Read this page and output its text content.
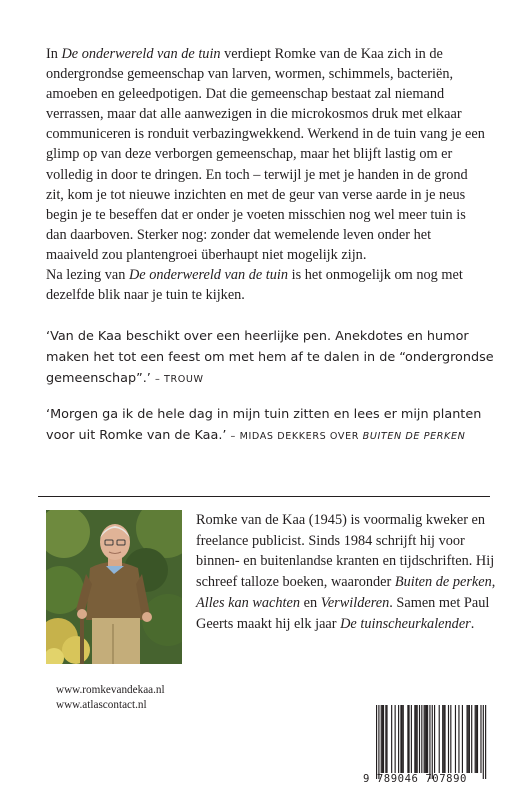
In De onderwereld van de tuin verdiept Romke van de Kaa zich in de ondergrondse gemeenschap van larven, wormen, schimmels, bacteriën, amoeben en geleedpotigen. Dat die gemeenschap bestaat zal niemand verrassen, maar dat alle aanwezigen in die microkosmos druk met elkaar communiceren is ronduit verbazingwekkend. Werkend in de tuin vang je een glimp op van deze verborgen gemeenschap, maar het blijft lastig om er volledig in door te dringen. En toch – terwijl je met je handen in de grond zit, kom je tot nieuwe inzichten en met de geur van verse aarde in je neus begin je te beseffen dat er onder je voeten misschien nog wel meer tuin is dan daarboven. Sterker nog: zonder dat wemelende leven onder het maaiveld zou plantengroei überhaupt niet mogelijk zijn.

Na lezing van De onderwereld van de tuin is het onmogelijk om nog met dezelfde blik naar je tuin te kijken.

‘Van de Kaa beschikt over een heerlijke pen. Anekdotes en humor maken het tot een feest om met hem af te dalen in de “ondergrondse gemeenschap”.’ – TROUW

‘Morgen ga ik de hele dag in mijn tuin zitten en lees er mijn planten voor uit Romke van de Kaa.’ – MIDAS DEKKERS OVER BUITEN DE PERKEN

Romke van de Kaa (1945) is voormalig kweker en freelance publicist. Sinds 1984 schrijft hij voor binnen- en buitenlandse kranten en tijdschriften. Hij schreef talloze boeken, waaronder Buiten de perken, Alles kan wachten en Verwilderen. Samen met Paul Geerts maakt hij elk jaar De tuinscheurkalender.

www.romkevandekaa.nl
www.atlascontact.nl
9 789046 707890
